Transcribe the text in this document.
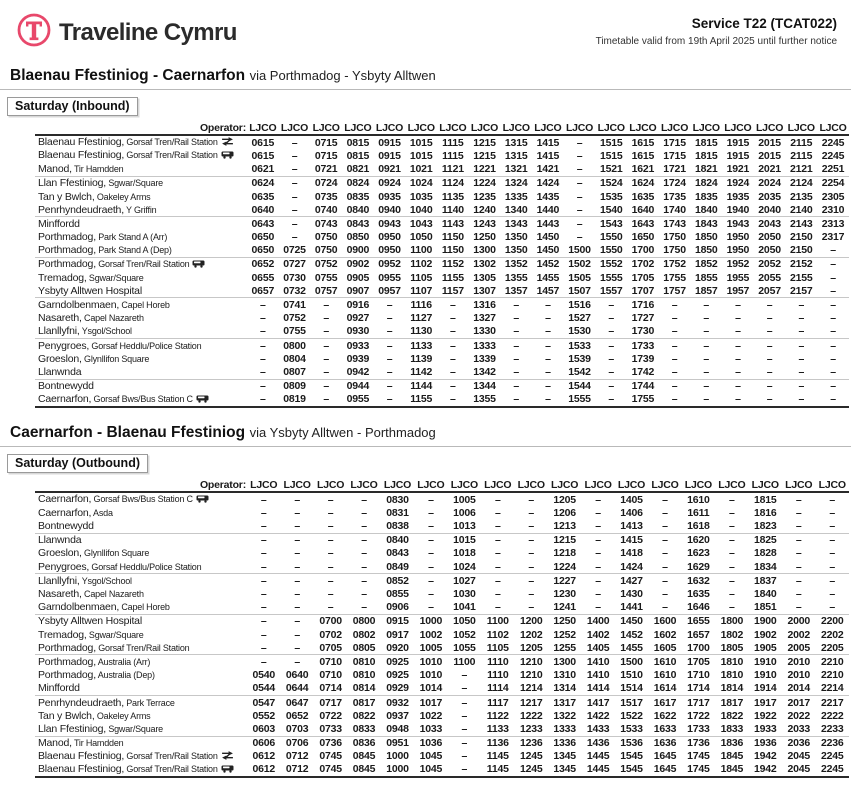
Traveline Cymru	Service T22 (TCAT022)
Timetable valid from 19th April 2025 until further notice
Blaenau Ffestiniog - Caernarfon via Porthmadog - Ysbyty Alltwen
Saturday (Inbound)
Operator:	LJCO	LJCO	LJCO	LJCO	LJCO	LJCO	LJCO	LJCO	LJCO	LJCO	LJCO	LJCO	LJCO	LJCO	LJCO	LJCO	LJCO	LJCO	LJCO
Blaenau Ffestiniog, Gorsaf Tren/Rail Station	0615	–	0715	0815	0915	1015	1115	1215	1315	1415	–	1515	1615	1715	1815	1915	2015	2115	2245
Blaenau Ffestiniog, Gorsaf Tren/Rail Station	0615	–	0715	0815	0915	1015	1115	1215	1315	1415	–	1515	1615	1715	1815	1915	2015	2115	2245
Manod, Tir Hamdden	0621	–	0721	0821	0921	1021	1121	1221	1321	1421	–	1521	1621	1721	1821	1921	2021	2121	2251
Llan Ffestiniog, Sgwar/Square	0624	–	0724	0824	0924	1024	1124	1224	1324	1424	–	1524	1624	1724	1824	1924	2024	2124	2254
Tan y Bwlch, Oakeley Arms	0635	–	0735	0835	0935	1035	1135	1235	1335	1435	–	1535	1635	1735	1835	1935	2035	2135	2305
Penrhyndeudraeth, Y Griffin	0640	–	0740	0840	0940	1040	1140	1240	1340	1440	–	1540	1640	1740	1840	1940	2040	2140	2310
Minffordd	0643	–	0743	0843	0943	1043	1143	1243	1343	1443	–	1543	1643	1743	1843	1943	2043	2143	2313
Porthmadog, Park Stand A (Arr)	0650	–	0750	0850	0950	1050	1150	1250	1350	1450	–	1550	1650	1750	1850	1950	2050	2150	2317
Porthmadog, Park Stand A (Dep)	0650	0725	0750	0900	0950	1100	1150	1300	1350	1450	1500	1550	1700	1750	1850	1950	2050	2150	–
Porthmadog, Gorsaf Tren/Rail Station	0652	0727	0752	0902	0952	1102	1152	1302	1352	1452	1502	1552	1702	1752	1852	1952	2052	2152	–
Tremadog, Sgwar/Square	0655	0730	0755	0905	0955	1105	1155	1305	1355	1455	1505	1555	1705	1755	1855	1955	2055	2155	–
Ysbyty Alltwen Hospital	0657	0732	0757	0907	0957	1107	1157	1307	1357	1457	1507	1557	1707	1757	1857	1957	2057	2157	–
Garndolbenmaen, Capel Horeb	–	0741	–	0916	–	1116	–	1316	–	–	1516	–	1716	–	–	–	–	–	–
Nasareth, Capel Nazareth	–	0752	–	0927	–	1127	–	1327	–	–	1527	–	1727	–	–	–	–	–	–
Llanllyfni, Ysgol/School	–	0755	–	0930	–	1130	–	1330	–	–	1530	–	1730	–	–	–	–	–	–
Penygroes, Gorsaf Heddlu/Police Station	–	0800	–	0933	–	1133	–	1333	–	–	1533	–	1733	–	–	–	–	–	–
Groeslon, Glynllifon Square	–	0804	–	0939	–	1139	–	1339	–	–	1539	–	1739	–	–	–	–	–	–
Llanwnda	–	0807	–	0942	–	1142	–	1342	–	–	1542	–	1742	–	–	–	–	–	–
Bontnewydd	–	0809	–	0944	–	1144	–	1344	–	–	1544	–	1744	–	–	–	–	–	–
Caernarfon, Gorsaf Bws/Bus Station C	–	0819	–	0955	–	1155	–	1355	–	–	1555	–	1755	–	–	–	–	–	–
Caernarfon - Blaenau Ffestiniog via Ysbyty Alltwen - Porthmadog
Saturday (Outbound)
Operator:	LJCO	LJCO	LJCO	LJCO	LJCO	LJCO	LJCO	LJCO	LJCO	LJCO	LJCO	LJCO	LJCO	LJCO	LJCO	LJCO	LJCO	LJCO
Caernarfon, Gorsaf Bws/Bus Station C	–	–	–	–	0830	–	1005	–	–	1205	–	1405	–	1610	–	1815	–	–
Caernarfon, Asda	–	–	–	–	0831	–	1006	–	–	1206	–	1406	–	1611	–	1816	–	–
Bontnewydd	–	–	–	–	0838	–	1013	–	–	1213	–	1413	–	1618	–	1823	–	–
Llanwnda	–	–	–	–	0840	–	1015	–	–	1215	–	1415	–	1620	–	1825	–	–
Groeslon, Glynllifon Square	–	–	–	–	0843	–	1018	–	–	1218	–	1418	–	1623	–	1828	–	–
Penygroes, Gorsaf Heddlu/Police Station	–	–	–	–	0849	–	1024	–	–	1224	–	1424	–	1629	–	1834	–	–
Llanllyfni, Ysgol/School	–	–	–	–	0852	–	1027	–	–	1227	–	1427	–	1632	–	1837	–	–
Nasareth, Capel Nazareth	–	–	–	–	0855	–	1030	–	–	1230	–	1430	–	1635	–	1840	–	–
Garndolbenmaen, Capel Horeb	–	–	–	–	0906	–	1041	–	–	1241	–	1441	–	1646	–	1851	–	–
Ysbyty Alltwen Hospital	–	–	0700	0800	0915	1000	1050	1100	1200	1250	1400	1450	1600	1655	1800	1900	2000	2200
Tremadog, Sgwar/Square	–	–	0702	0802	0917	1002	1052	1102	1202	1252	1402	1452	1602	1657	1802	1902	2002	2202
Porthmadog, Gorsaf Tren/Rail Station	–	–	0705	0805	0920	1005	1055	1105	1205	1255	1405	1455	1605	1700	1805	1905	2005	2205
Porthmadog, Australia (Arr)	–	–	0710	0810	0925	1010	1100	1110	1210	1300	1410	1500	1610	1705	1810	1910	2010	2210
Porthmadog, Australia (Dep)	0540	0640	0710	0810	0925	1010	–	1110	1210	1310	1410	1510	1610	1710	1810	1910	2010	2210
Minffordd	0544	0644	0714	0814	0929	1014	–	1114	1214	1314	1414	1514	1614	1714	1814	1914	2014	2214
Penrhyndeudraeth, Park Terrace	0547	0647	0717	0817	0932	1017	–	1117	1217	1317	1417	1517	1617	1717	1817	1917	2017	2217
Tan y Bwlch, Oakeley Arms	0552	0652	0722	0822	0937	1022	–	1122	1222	1322	1422	1522	1622	1722	1822	1922	2022	2222
Llan Ffestiniog, Sgwar/Square	0603	0703	0733	0833	0948	1033	–	1133	1233	1333	1433	1533	1633	1733	1833	1933	2033	2233
Manod, Tir Hamdden	0606	0706	0736	0836	0951	1036	–	1136	1236	1336	1436	1536	1636	1736	1836	1936	2036	2236
Blaenau Ffestiniog, Gorsaf Tren/Rail Station	0612	0712	0745	0845	1000	1045	–	1145	1245	1345	1445	1545	1645	1745	1845	1942	2045	2245
Blaenau Ffestiniog, Gorsaf Tren/Rail Station	0612	0712	0745	0845	1000	1045	–	1145	1245	1345	1445	1545	1645	1745	1845	1942	2045	2245
